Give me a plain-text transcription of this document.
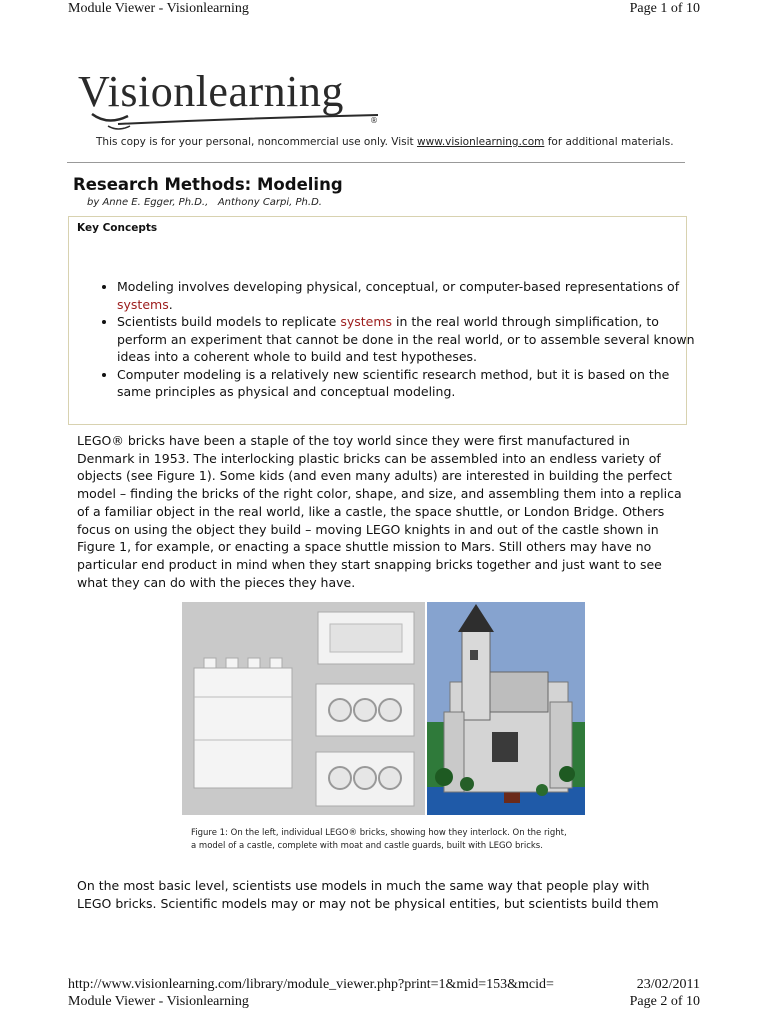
Module Viewer - Visionlearning	Page 1 of 10
Visionlearning
®
This copy is for your personal, noncommercial use only. Visit www.visionlearning.com for additional materials.
Research Methods: Modeling
by Anne E. Egger, Ph.D.,   Anthony Carpi, Ph.D.
Key Concepts
• Modeling involves developing physical, conceptual, or computer-based representations of systems.
• Scientists build models to replicate systems in the real world through simplification, to perform an experiment that cannot be done in the real world, or to assemble several known ideas into a coherent whole to build and test hypotheses.
• Computer modeling is a relatively new scientific research method, but it is based on the same principles as physical and conceptual modeling.

LEGO® bricks have been a staple of the toy world since they were first manufactured in Denmark in 1953. The interlocking plastic bricks can be assembled into an endless variety of objects (see Figure 1). Some kids (and even many adults) are interested in building the perfect model – finding the bricks of the right color, shape, and size, and assembling them into a replica of a familiar object in the real world, like a castle, the space shuttle, or London Bridge. Others focus on using the object they build – moving LEGO knights in and out of the castle shown in Figure 1, for example, or enacting a space shuttle mission to Mars. Still others may have no particular end product in mind when they start snapping bricks together and just want to see what they can do with the pieces they have.

Figure 1: On the left, individual LEGO® bricks, showing how they interlock. On the right, a model of a castle, complete with moat and castle guards, built with LEGO bricks.

On the most basic level, scientists use models in much the same way that people play with LEGO bricks. Scientific models may or may not be physical entities, but scientists build them

http://www.visionlearning.com/library/module_viewer.php?print=1&mid=153&mcid=	23/02/2011
Module Viewer - Visionlearning	Page 2 of 10
